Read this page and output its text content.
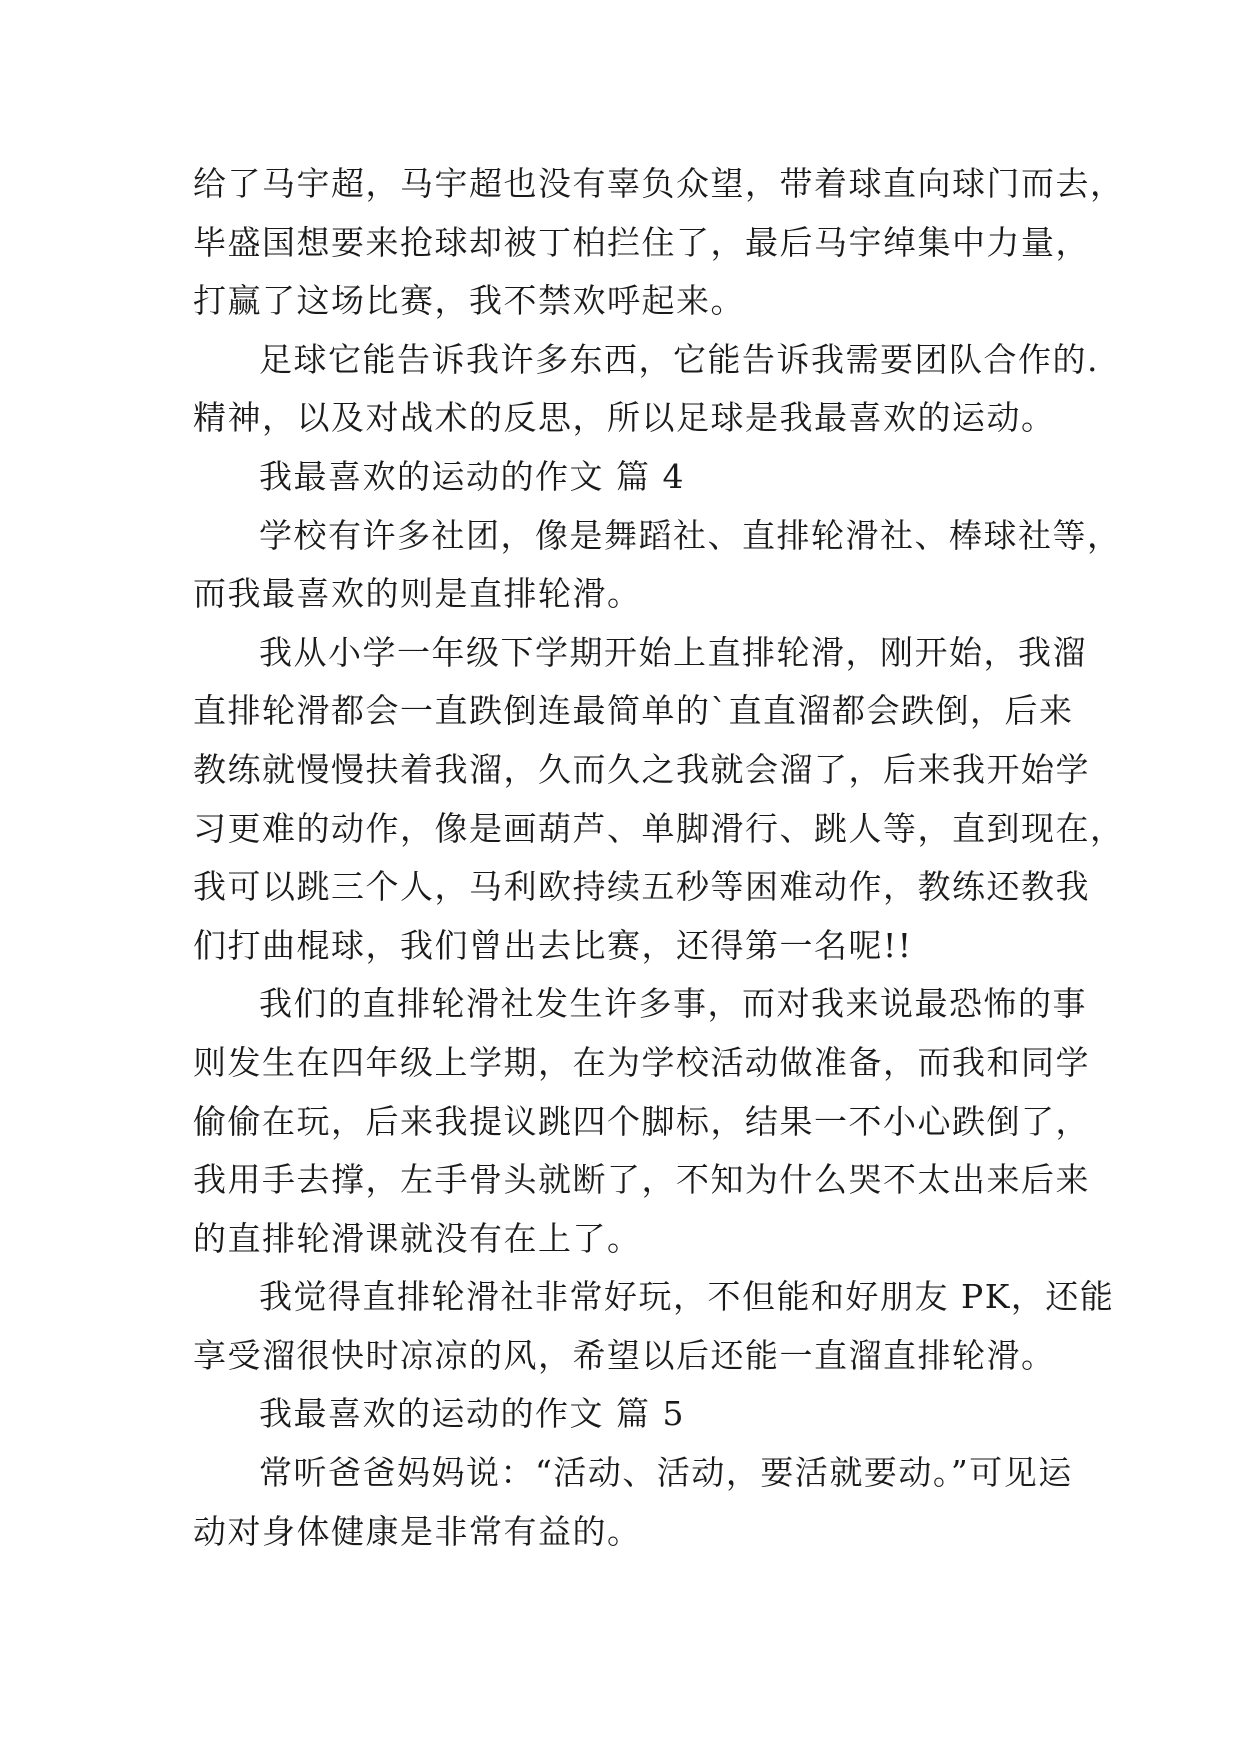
给了马宇超，马宇超也没有辜负众望，带着球直向球门而去，

毕盛国想要来抢球却被丁柏拦住了，最后马宇绰集中力量，

打赢了这场比赛，我不禁欢呼起来。

足球它能告诉我许多东西，它能告诉我需要团队合作的.

精神，以及对战术的反思，所以足球是我最喜欢的运动。

我最喜欢的运动的作文 篇 4

学校有许多社团，像是舞蹈社、直排轮滑社、棒球社等，

而我最喜欢的则是直排轮滑。

我从小学一年级下学期开始上直排轮滑，刚开始，我溜

直排轮滑都会一直跌倒连最简单的`直直溜都会跌倒，后来

教练就慢慢扶着我溜，久而久之我就会溜了，后来我开始学

习更难的动作，像是画葫芦、单脚滑行、跳人等，直到现在，

我可以跳三个人，马利欧持续五秒等困难动作，教练还教我

们打曲棍球，我们曾出去比赛，还得第一名呢!!

我们的直排轮滑社发生许多事，而对我来说最恐怖的事

则发生在四年级上学期，在为学校活动做准备，而我和同学

偷偷在玩，后来我提议跳四个脚标，结果一不小心跌倒了，

我用手去撑，左手骨头就断了，不知为什么哭不太出来后来

的直排轮滑课就没有在上了。

我觉得直排轮滑社非常好玩，不但能和好朋友 PK，还能

享受溜很快时凉凉的风，希望以后还能一直溜直排轮滑。

我最喜欢的运动的作文 篇 5

常听爸爸妈妈说：“活动、活动，要活就要动。”可见运

动对身体健康是非常有益的。
